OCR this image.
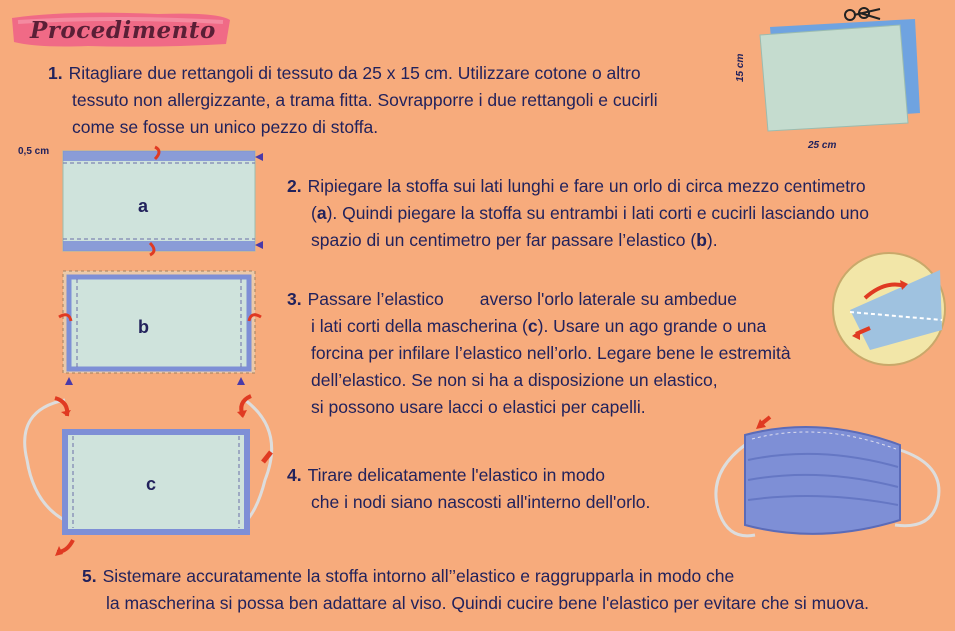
Procedimento
1. Ritagliare due rettangoli di tessuto da 25 x 15 cm. Utilizzare cotone o altro
tessuto non allergizzante, a trama fitta. Sovrapporre i due rettangoli e cucirli
come se fosse un unico pezzo di stoffa.
15 cm
25 cm
0,5 cm
a
b
c
2. Ripiegare la stoffa sui lati lunghi e fare un orlo di circa mezzo centimetro
(a). Quindi piegare la stoffa su entrambi i lati corti e cucirli lasciando uno
spazio di un centimetro per far passare l’elastico (b).
3. Passare l’elastico averso l'orlo laterale su ambedue
i lati corti della mascherina (c). Usare un ago grande o una
forcina per infilare l’elastico nell’orlo. Legare bene le estremità
dell’elastico. Se non si ha a disposizione un elastico,
si possono usare lacci o elastici per capelli.
4. Tirare delicatamente l'elastico in modo
che i nodi siano nascosti all'interno dell'orlo.
5. Sistemare accuratamente la stoffa intorno all’’elastico e raggrupparla in modo che
la mascherina si possa ben adattare al viso. Quindi cucire bene l'elastico per evitare che si muova.
